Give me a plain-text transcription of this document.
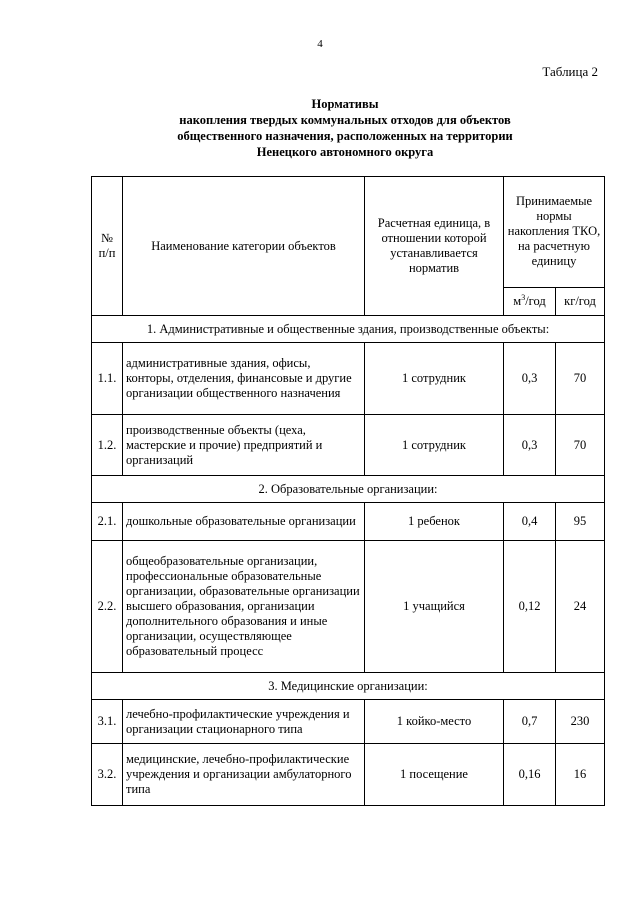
4
Таблица 2
Нормативы
накопления твердых коммунальных отходов для объектов
общественного назначения, расположенных на территории
Ненецкого автономного округа
№ п/п	Наименование категории объектов	Расчетная единица, в отношении которой устанавливается норматив	Принимаемые нормы накопления ТКО, на расчетную единицу	
			$м^3$/год	кг/год
1. Административные и общественные здания, производственные объекты:				
1.1.	административные здания, офисы, конторы, отделения, финансовые и другие организации общественного назначения	1 сотрудник	0,3	70
1.2.	производственные объекты (цеха, мастерские и прочие) предприятий и организаций	1 сотрудник	0,3	70
2. Образовательные организации:				
2.1.	дошкольные образовательные организации	1 ребенок	0,4	95
2.2.	общеобразовательные организации, профессиональные образовательные организации, образовательные организации высшего образования, организации дополнительного образования и иные организации, осуществляющее образовательный процесс	1 учащийся	0,12	24
3. Медицинские организации:				
3.1.	лечебно-профилактические учреждения и организации стационарного типа	1 койко-место	0,7	230
3.2.	медицинские, лечебно-профилактические учреждения и организации амбулаторного типа	1 посещение	0,16	16
